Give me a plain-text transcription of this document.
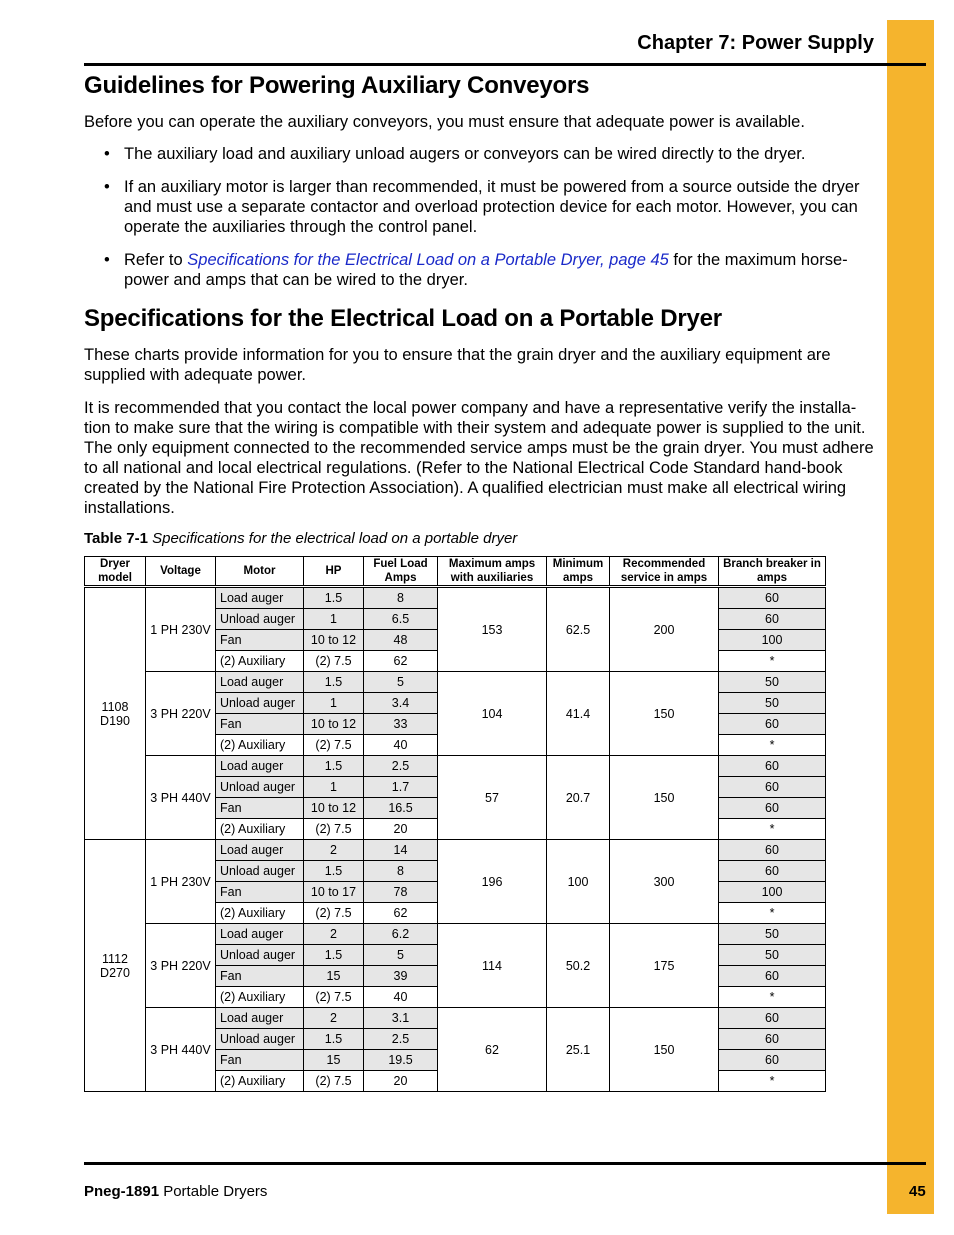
Chapter 7: Power Supply
Guidelines for Powering Auxiliary Conveyors

Before you can operate the auxiliary conveyors, you must ensure that adequate power is available.

• The auxiliary load and auxiliary unload augers or conveyors can be wired directly to the dryer.

• If an auxiliary motor is larger than recommended, it must be powered from a source outside the dryer and must use a separate contactor and overload protection device for each motor. However, you can operate the auxiliaries through the control panel.

• Refer to Specifications for the Electrical Load on a Portable Dryer, page 45 for the maximum horse-power and amps that can be wired to the dryer.

Specifications for the Electrical Load on a Portable Dryer

These charts provide information for you to ensure that the grain dryer and the auxiliary equipment are supplied with adequate power.

It is recommended that you contact the local power company and have a representative verify the installa-tion to make sure that the wiring is compatible with their system and adequate power is supplied to the unit. The only equipment connected to the recommended service amps must be the grain dryer. You must adhere to all national and local electrical regulations. (Refer to the National Electrical Code Standard hand-book created by the National Fire Protection Association). A qualified electrician must make all electrical wiring installations.

Table 7-1 Specifications for the electrical load on a portable dryer
Dryer model	Voltage	Motor	HP	Fuel Load Amps	Maximum amps with auxiliaries	Minimum amps	Recommended service in amps	Branch breaker in amps
1108
D190	1 PH 230V	Load auger	1.5	8	153	62.5	200	60
		Unload auger	1	6.5				60
		Fan	10 to 12	48				100
		(2) Auxiliary	(2) 7.5	62				*
	3 PH 220V	Load auger	1.5	5	104	41.4	150	50
		Unload auger	1	3.4				50
		Fan	10 to 12	33				60
		(2) Auxiliary	(2) 7.5	40				*
	3 PH 440V	Load auger	1.5	2.5	57	20.7	150	60
		Unload auger	1	1.7				60
		Fan	10 to 12	16.5				60
		(2) Auxiliary	(2) 7.5	20				*
1112
D270	1 PH 230V	Load auger	2	14	196	100	300	60
		Unload auger	1.5	8				60
		Fan	10 to 17	78				100
		(2) Auxiliary	(2) 7.5	62				*
	3 PH 220V	Load auger	2	6.2	114	50.2	175	50
		Unload auger	1.5	5				50
		Fan	15	39				60
		(2) Auxiliary	(2) 7.5	40				*
	3 PH 440V	Load auger	2	3.1	62	25.1	150	60
		Unload auger	1.5	2.5				60
		Fan	15	19.5				60
		(2) Auxiliary	(2) 7.5	20				*
Pneg-1891 Portable Dryers	45
